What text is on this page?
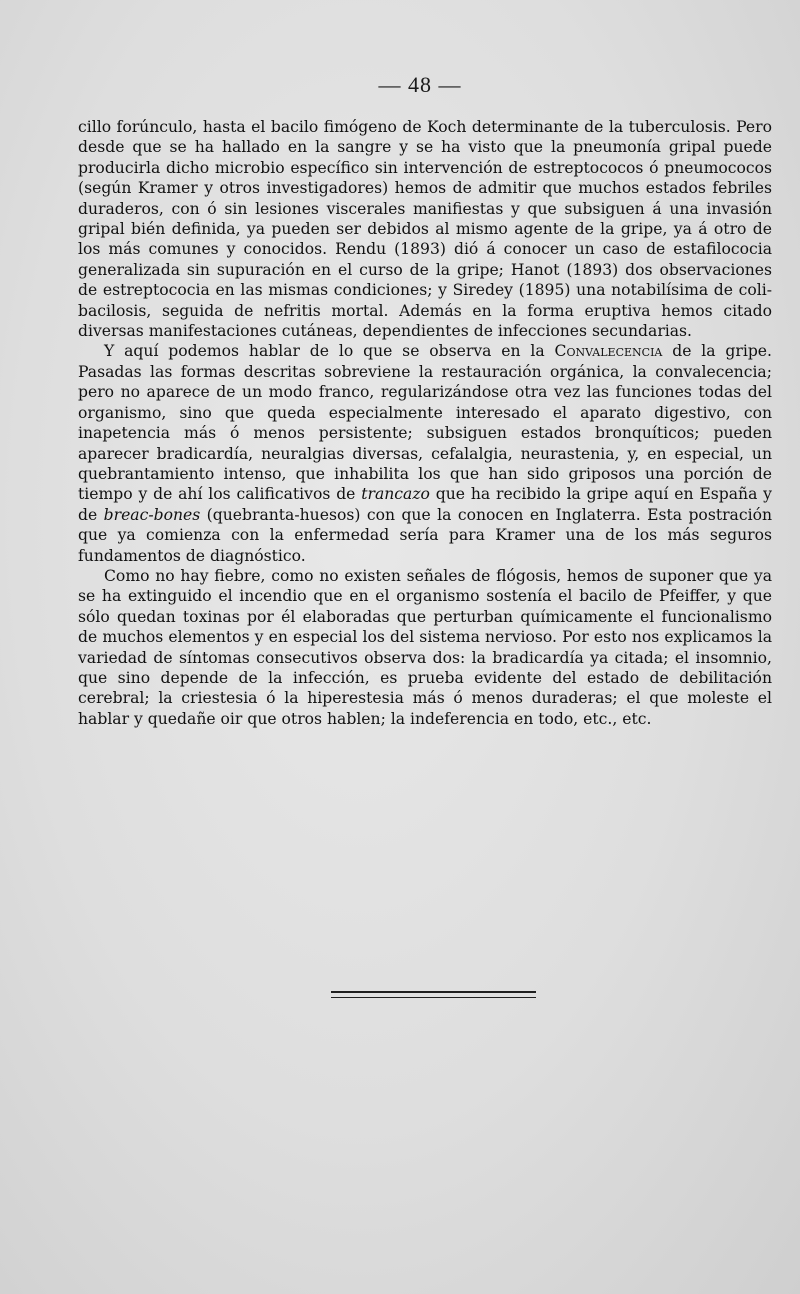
— 48 —

cillo forúnculo, hasta el bacilo fimógeno de Koch determinante de la tuberculosis. Pero desde que se ha hallado en la sangre y se ha visto que la pneumonía gripal puede producirla dicho microbio específico sin intervención de estreptococos ó pneumococos (según Kramer y otros investigadores) hemos de admitir que muchos estados febriles duraderos, con ó sin lesiones viscerales manifiestas y que subsiguen á una invasión gripal bién definida, ya pueden ser debidos al mismo agente de la gripe, ya á otro de los más comunes y conocidos. Rendu (1893) dió á conocer un caso de estafilococia generalizada sin supuración en el curso de la gripe; Hanot (1893) dos observaciones de estreptococia en las mismas condiciones; y Siredey (1895) una notabilísima de coli-bacilosis, seguida de nefritis mortal. Además en la forma eruptiva hemos citado diversas manifestaciones cutáneas, dependientes de infecciones secundarias.

Y aquí podemos hablar de lo que se observa en la Convalecencia de la gripe. Pasadas las formas descritas sobreviene la restauración orgánica, la convalecencia; pero no aparece de un modo franco, regularizándose otra vez las funciones todas del organismo, sino que queda especialmente interesado el aparato digestivo, con inapetencia más ó menos persistente; subsiguen estados bronquíticos; pueden aparecer bradicardía, neuralgias diversas, cefalalgia, neurastenia, y, en especial, un quebrantamiento intenso, que inhabilita los que han sido griposos una porción de tiempo y de ahí los calificativos de trancazo que ha recibido la gripe aquí en España y de breac-bones (quebranta-huesos) con que la conocen en Inglaterra. Esta postración que ya comienza con la enfermedad sería para Kramer una de los más seguros fundamentos de diagnóstico.

Como no hay fiebre, como no existen señales de flógosis, hemos de suponer que ya se ha extinguido el incendio que en el organismo sostenía el bacilo de Pfeiffer, y que sólo quedan toxinas por él elaboradas que perturban químicamente el funcionalismo de muchos elementos y en especial los del sistema nervioso. Por esto nos explicamos la variedad de síntomas consecutivos observa dos: la bradicardía ya citada; el insomnio, que sino depende de la infección, es prueba evidente del estado de debilitación cerebral; la criestesia ó la hiperestesia más ó menos duraderas; el que moleste el hablar y quedañe oir que otros hablen; la indeferencia en todo, etc., etc.
